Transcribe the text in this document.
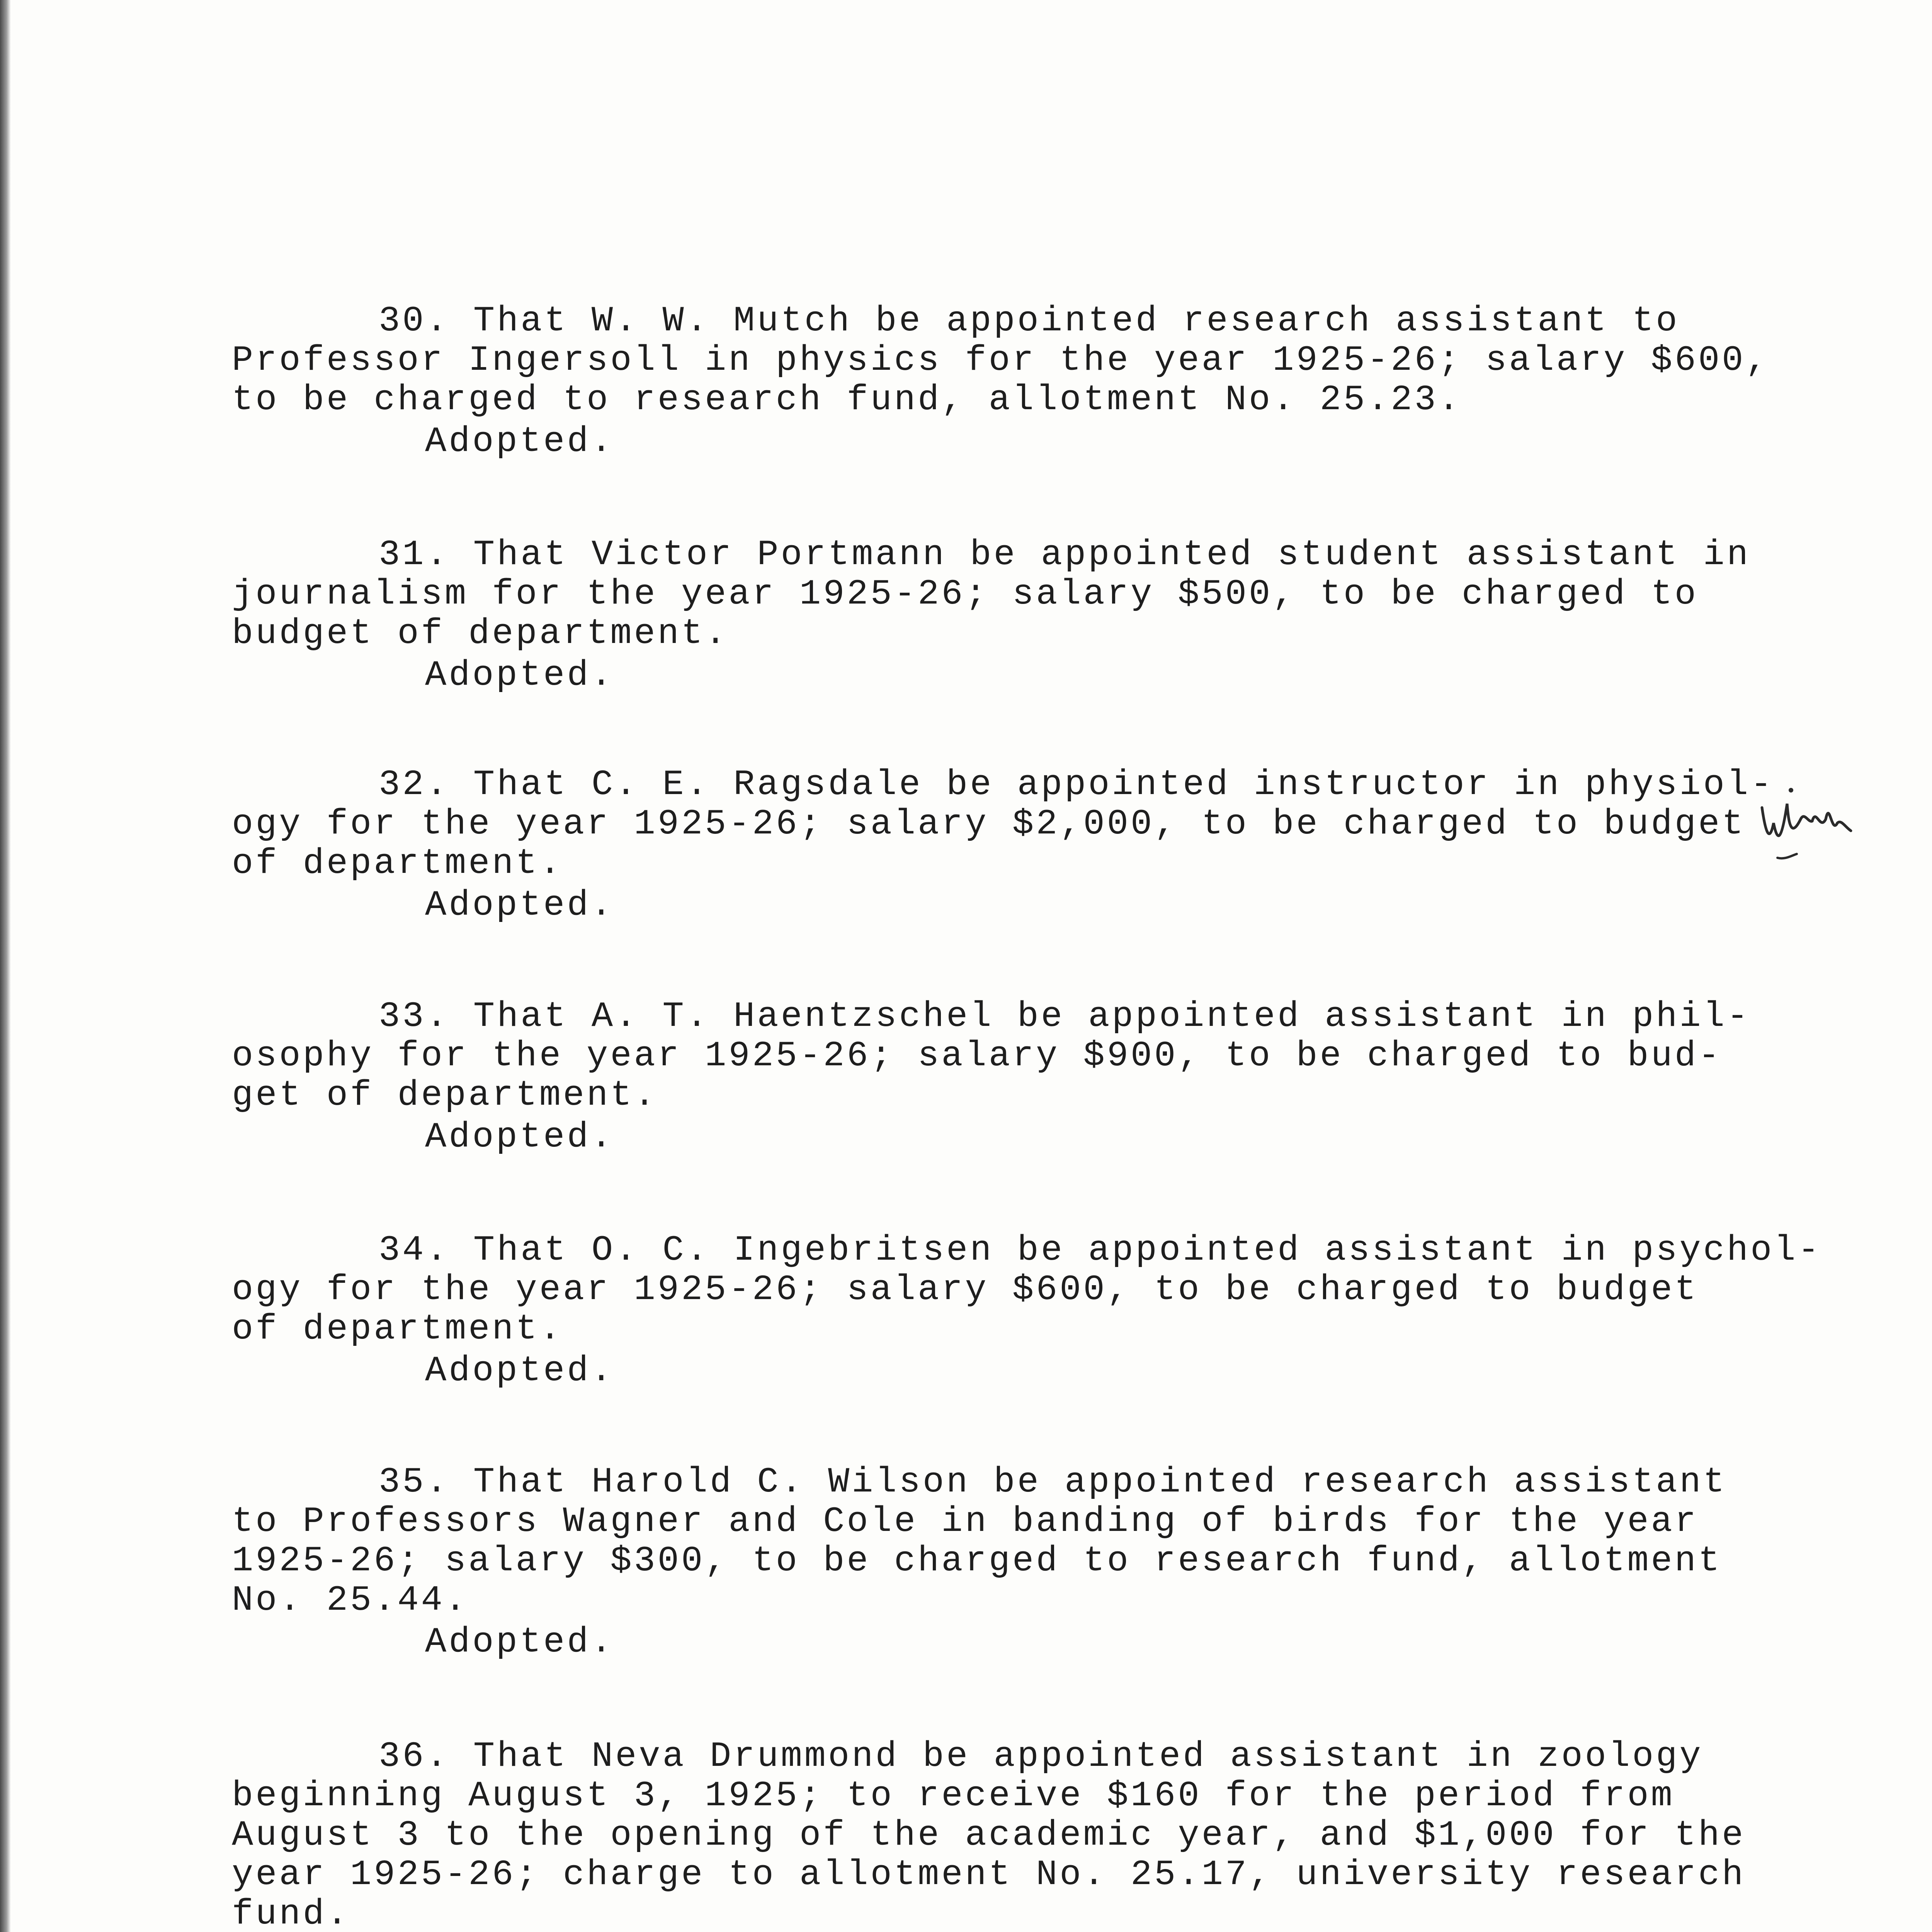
30. That W. W. Mutch be appointed research assistant to
Professor Ingersoll in physics for the year 1925-26; salary $600,
to be charged to research fund, allotment No. 25.23.
Adopted.
31. That Victor Portmann be appointed student assistant in
journalism for the year 1925-26; salary $500, to be charged to
budget of department.
Adopted.
32. That C. E. Ragsdale be appointed instructor in physiol-
ogy for the year 1925-26; salary $2,000, to be charged to budget
of department.
Adopted.
33. That A. T. Haentzschel be appointed assistant in phil-
osophy for the year 1925-26; salary $900, to be charged to bud-
get of department.
Adopted.
34. That O. C. Ingebritsen be appointed assistant in psychol-
ogy for the year 1925-26; salary $600, to be charged to budget
of department.
Adopted.
35. That Harold C. Wilson be appointed research assistant
to Professors Wagner and Cole in banding of birds for the year
1925-26; salary $300, to be charged to research fund, allotment
No. 25.44.
Adopted.
36. That Neva Drummond be appointed assistant in zoology
beginning August 3, 1925; to receive $160 for the period from
August 3 to the opening of the academic year, and $1,000 for the
year 1925-26; charge to allotment No. 25.17, university research
fund.
